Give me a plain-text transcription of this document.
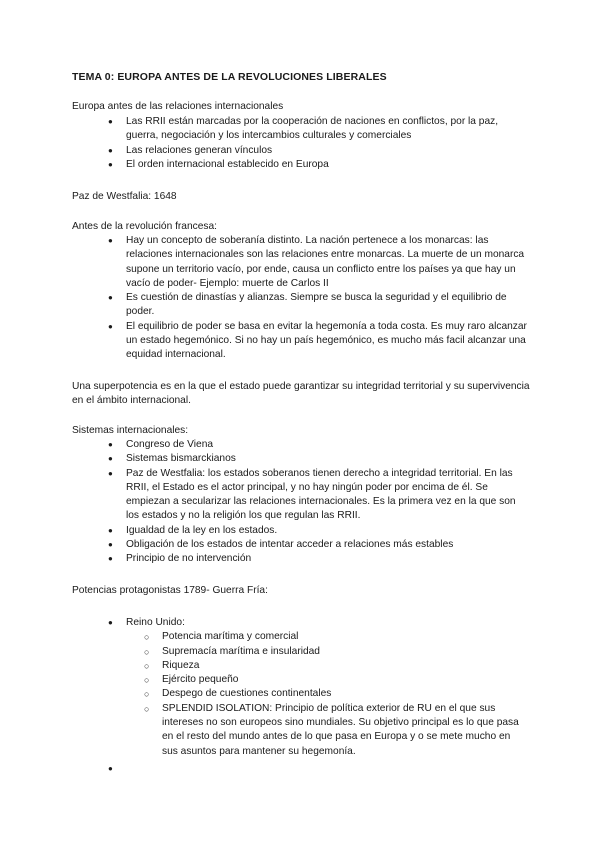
TEMA 0: EUROPA ANTES DE LA REVOLUCIONES LIBERALES
Europa antes de las relaciones internacionales
● Las RRII están marcadas por la cooperación de naciones en conflictos, por la paz, guerra, negociación y los intercambios culturales y comerciales
● Las relaciones generan vínculos
● El orden internacional establecido en Europa
Paz de Westfalia: 1648
Antes de la revolución francesa:
● Hay un concepto de soberanía distinto. La nación pertenece a los monarcas: las relaciones internacionales son las relaciones entre monarcas. La muerte de un monarca supone un territorio vacío, por ende, causa un conflicto entre los países ya que hay un vacío de poder- Ejemplo: muerte de Carlos II
● Es cuestión de dinastías y alianzas. Siempre se busca la seguridad y el equilibrio de poder.
● El equilibrio de poder se basa en evitar la hegemonía a toda costa. Es muy raro alcanzar un estado hegemónico. Si no hay un país hegemónico, es mucho más facil alcanzar una equidad internacional.
Una superpotencia es en la que el estado puede garantizar su integridad territorial y su supervivencia en el ámbito internacional.
Sistemas internacionales:
● Congreso de Viena
● Sistemas bismarckianos
● Paz de Westfalia: los estados soberanos tienen derecho a integridad territorial. En las RRII, el Estado es el actor principal, y no hay ningún poder por encima de él. Se empiezan a secularizar las relaciones internacionales. Es la primera vez en la que son los estados y no la religión los que regulan las RRII.
● Igualdad de la ley en los estados.
● Obligación de los estados de intentar acceder a relaciones más estables
● Principio de no intervención
Potencias protagonistas 1789- Guerra Fría:
● Reino Unido:
○ Potencia marítima y comercial
○ Supremacía marítima e insularidad
○ Riqueza
○ Ejército pequeño
○ Despego de cuestiones continentales
○ SPLENDID ISOLATION: Principio de política exterior de RU en el que sus intereses no son europeos sino mundiales. Su objetivo principal es lo que pasa en el resto del mundo antes de lo que pasa en Europa y o se mete mucho en sus asuntos para mantener su hegemonía.
●
